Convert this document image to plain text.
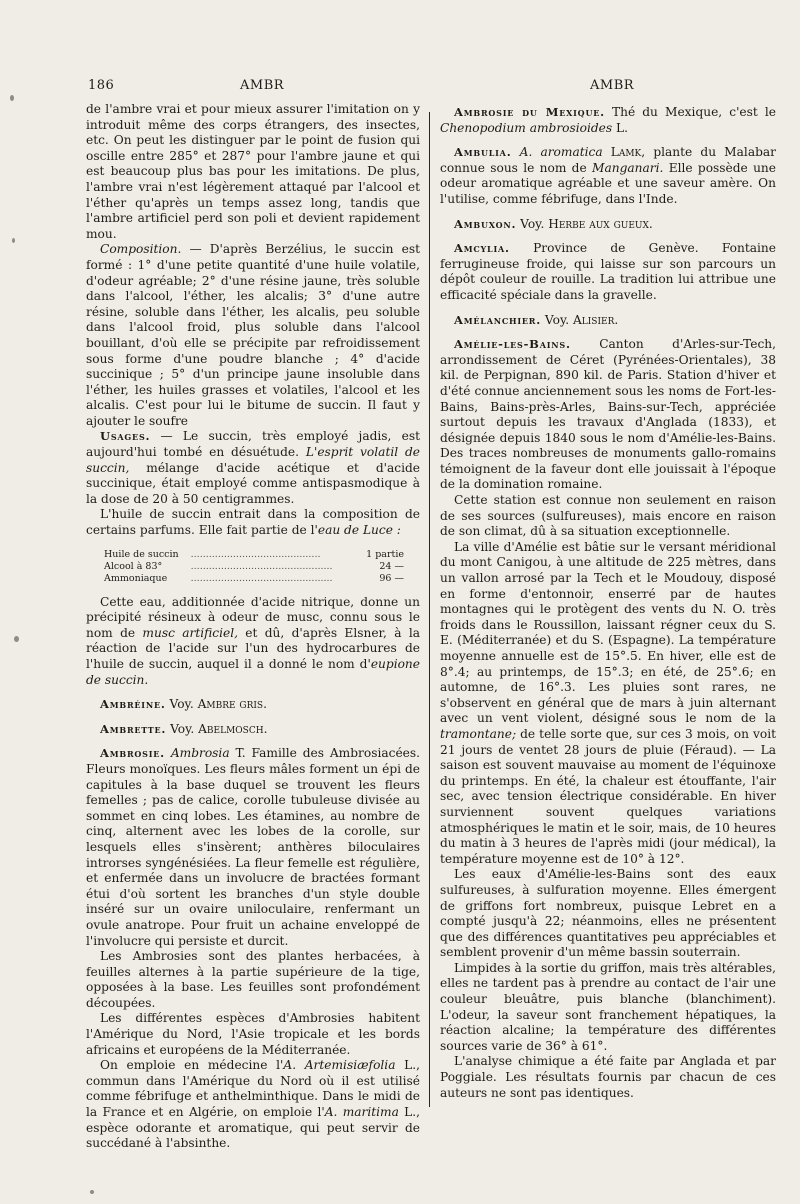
186	AMBR	AMBR

de l'ambre vrai et pour mieux assurer l'imitation on y introduit même des corps étrangers, des insectes, etc. On peut les distinguer par le point de fusion qui oscille entre 285° et 287° pour l'ambre jaune et qui est beaucoup plus bas pour les imitations. De plus, l'ambre vrai n'est légèrement attaqué par l'alcool et l'éther qu'après un temps assez long, tandis que l'ambre artificiel perd son poli et devient rapidement mou.

Composition. — D'après Berzélius, le succin est formé : 1° d'une petite quantité d'une huile volatile, d'odeur agréable; 2° d'une résine jaune, très soluble dans l'alcool, l'éther, les alcalis; 3° d'une autre résine, soluble dans l'éther, les alcalis, peu soluble dans l'alcool froid, plus soluble dans l'alcool bouillant, d'où elle se précipite par refroidissement sous forme d'une poudre blanche ; 4° d'acide succinique ; 5° d'un principe jaune insoluble dans l'éther, les huiles grasses et volatiles, l'alcool et les alcalis. C'est pour lui le bitume de succin. Il faut y ajouter le soufre

Usages. — Le succin, très employé jadis, est aujourd'hui tombé en désuétude. L'esprit volatil de succin, mélange d'acide acétique et d'acide succinique, était employé comme antispasmodique à la dose de 20 à 50 centigrammes.

L'huile de succin entrait dans la composition de certains parfums. Elle fait partie de l'eau de Luce :

Huile de succin	...........................................	1 partie
Alcool à 83°	...............................................	24 —
Ammoniaque	...............................................	96 —

Cette eau, additionnée d'acide nitrique, donne un précipité résineux à odeur de musc, connu sous le nom de musc artificiel, et dû, d'après Elsner, à la réaction de l'acide sur l'un des hydrocarbures de l'huile de succin, auquel il a donné le nom d'eupione de succin.

Ambréine. Voy. Ambre gris.

Ambrette. Voy. Abelmosch.

Ambrosie. Ambrosia T. Famille des Ambrosiacées. Fleurs monoïques. Les fleurs mâles forment un épi de capitules à la base duquel se trouvent les fleurs femelles ; pas de calice, corolle tubuleuse divisée au sommet en cinq lobes. Les étamines, au nombre de cinq, alternent avec les lobes de la corolle, sur lesquels elles s'insèrent; anthères biloculaires introrses syngénésiées. La fleur femelle est régulière, et enfermée dans un involucre de bractées formant étui d'où sortent les branches d'un style double inséré sur un ovaire uniloculaire, renfermant un ovule anatrope. Pour fruit un achaine enveloppé de l'involucre qui persiste et durcit.

Les Ambrosies sont des plantes herbacées, à feuilles alternes à la partie supérieure de la tige, opposées à la base. Les feuilles sont profondément découpées.

Les différentes espèces d'Ambrosies habitent l'Amérique du Nord, l'Asie tropicale et les bords africains et européens de la Méditerranée.

On emploie en médecine l'A. Artemisiæfolia L., commun dans l'Amérique du Nord où il est utilisé comme fébrifuge et anthelminthique. Dans le midi de la France et en Algérie, on emploie l'A. maritima L., espèce odorante et aromatique, qui peut servir de succédané à l'absinthe.

Ambrosie du Mexique. Thé du Mexique, c'est le Chenopodium ambrosioides L.

Ambulia. A. aromatica Lamk, plante du Malabar connue sous le nom de Manganari. Elle possède une odeur aromatique agréable et une saveur amère. On l'utilise, comme fébrifuge, dans l'Inde.

Ambuxon. Voy. Herbe aux gueux.

Amcylia. Province de Genève. Fontaine ferrugineuse froide, qui laisse sur son parcours un dépôt couleur de rouille. La tradition lui attribue une efficacité spéciale dans la gravelle.

Amélanchier. Voy. Alisier.

Amélie-les-Bains. Canton d'Arles-sur-Tech, arrondissement de Céret (Pyrénées-Orientales), 38 kil. de Perpignan, 890 kil. de Paris. Station d'hiver et d'été connue anciennement sous les noms de Fort-les-Bains, Bains-près-Arles, Bains-sur-Tech, appréciée surtout depuis les travaux d'Anglada (1833), et désignée depuis 1840 sous le nom d'Amélie-les-Bains. Des traces nombreuses de monuments gallo-romains témoignent de la faveur dont elle jouissait à l'époque de la domination romaine.

Cette station est connue non seulement en raison de ses sources (sulfureuses), mais encore en raison de son climat, dû à sa situation exceptionnelle.

La ville d'Amélie est bâtie sur le versant méridional du mont Canigou, à une altitude de 225 mètres, dans un vallon arrosé par la Tech et le Moudouy, disposé en forme d'entonnoir, enserré par de hautes montagnes qui le protègent des vents du N. O. très froids dans le Roussillon, laissant régner ceux du S. E. (Méditerranée) et du S. (Espagne). La température moyenne annuelle est de 15°.5. En hiver, elle est de 8°.4; au printemps, de 15°.3; en été, de 25°.6; en automne, de 16°.3. Les pluies sont rares, ne s'observent en général que de mars à juin alternant avec un vent violent, désigné sous le nom de la tramontane; de telle sorte que, sur ces 3 mois, on voit 21 jours de ventet 28 jours de pluie (Féraud). — La saison est souvent mauvaise au moment de l'équinoxe du printemps. En été, la chaleur est étouffante, l'air sec, avec tension électrique considérable. En hiver surviennent souvent quelques variations atmosphériques le matin et le soir, mais, de 10 heures du matin à 3 heures de l'après midi (jour médical), la température moyenne est de 10° à 12°.

Les eaux d'Amélie-les-Bains sont des eaux sulfureuses, à sulfuration moyenne. Elles émergent de griffons fort nombreux, puisque Lebret en a compté jusqu'à 22; néanmoins, elles ne présentent que des différences quantitatives peu appréciables et semblent provenir d'un même bassin souterrain.

Limpides à la sortie du griffon, mais très altérables, elles ne tardent pas à prendre au contact de l'air une couleur bleuâtre, puis blanche (blanchiment). L'odeur, la saveur sont franchement hépatiques, la réaction alcaline; la température des différentes sources varie de 36° à 61°.

L'analyse chimique a été faite par Anglada et par Poggiale. Les résultats fournis par chacun de ces auteurs ne sont pas identiques.
